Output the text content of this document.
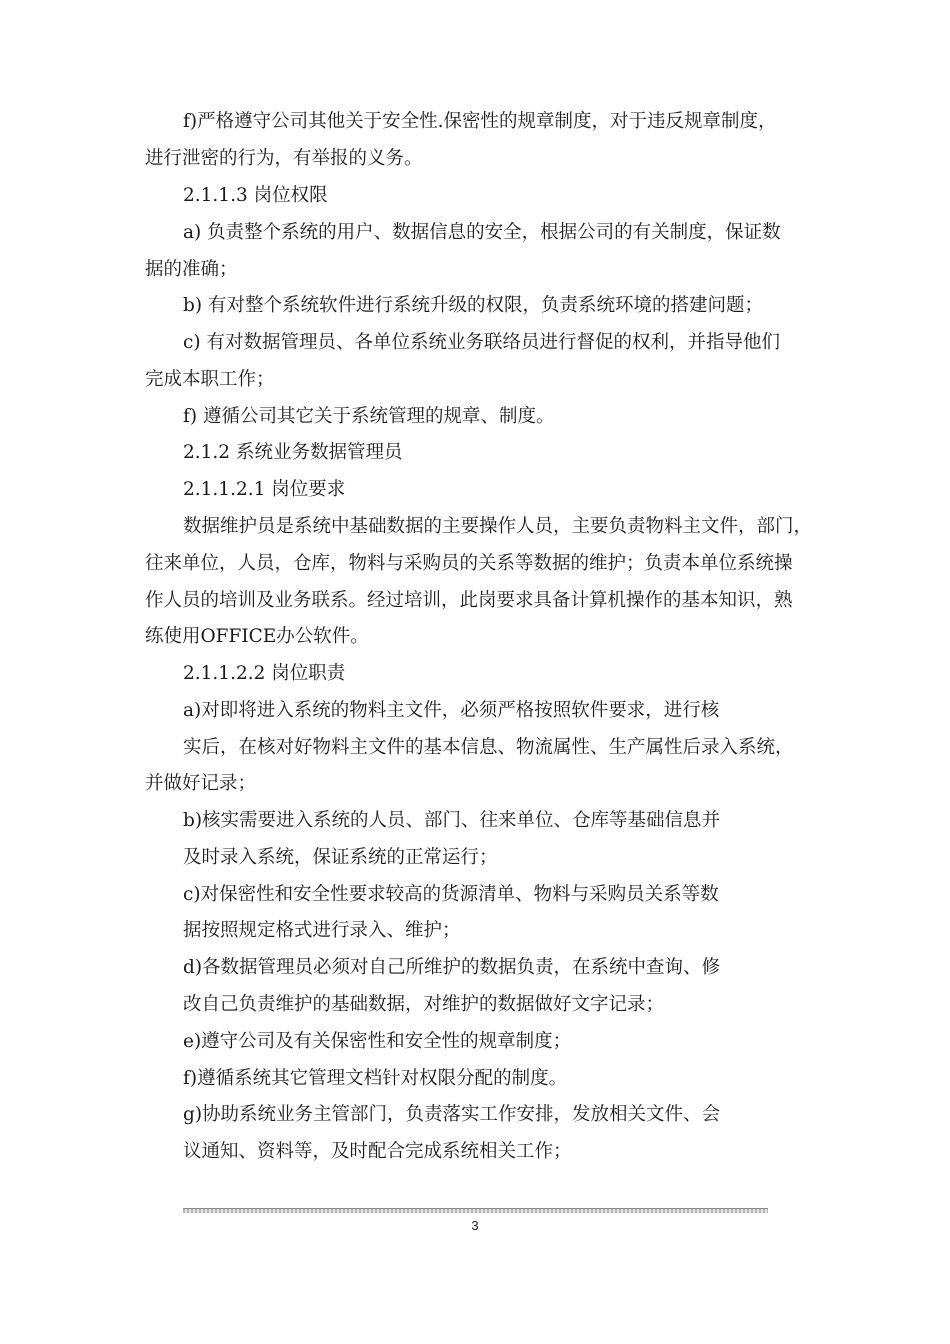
f)严格遵守公司其他关于安全性.保密性的规章制度，对于违反规章制度，
进行泄密的行为，有举报的义务。
2.1.1.3 岗位权限
a) 负责整个系统的用户、数据信息的安全，根据公司的有关制度，保证数
据的准确；
b) 有对整个系统软件进行系统升级的权限，负责系统环境的搭建问题；
c) 有对数据管理员、各单位系统业务联络员进行督促的权利，并指导他们
完成本职工作；
f) 遵循公司其它关于系统管理的规章、制度。
2.1.2 系统业务数据管理员
2.1.1.2.1 岗位要求
数据维护员是系统中基础数据的主要操作人员，主要负责物料主文件，部门，
往来单位，人员，仓库，物料与采购员的关系等数据的维护；负责本单位系统操
作人员的培训及业务联系。经过培训，此岗要求具备计算机操作的基本知识，熟
练使用OFFICE办公软件。
2.1.1.2.2 岗位职责
a)对即将进入系统的物料主文件，必须严格按照软件要求，进行核
实后，在核对好物料主文件的基本信息、物流属性、生产属性后录入系统，
并做好记录；
b)核实需要进入系统的人员、部门、往来单位、仓库等基础信息并
及时录入系统，保证系统的正常运行；
c)对保密性和安全性要求较高的货源清单、物料与采购员关系等数
据按照规定格式进行录入、维护；
d)各数据管理员必须对自己所维护的数据负责，在系统中查询、修
改自己负责维护的基础数据，对维护的数据做好文字记录；
e)遵守公司及有关保密性和安全性的规章制度；
f)遵循系统其它管理文档针对权限分配的制度。
g)协助系统业务主管部门，负责落实工作安排，发放相关文件、会
议通知、资料等，及时配合完成系统相关工作；
3
